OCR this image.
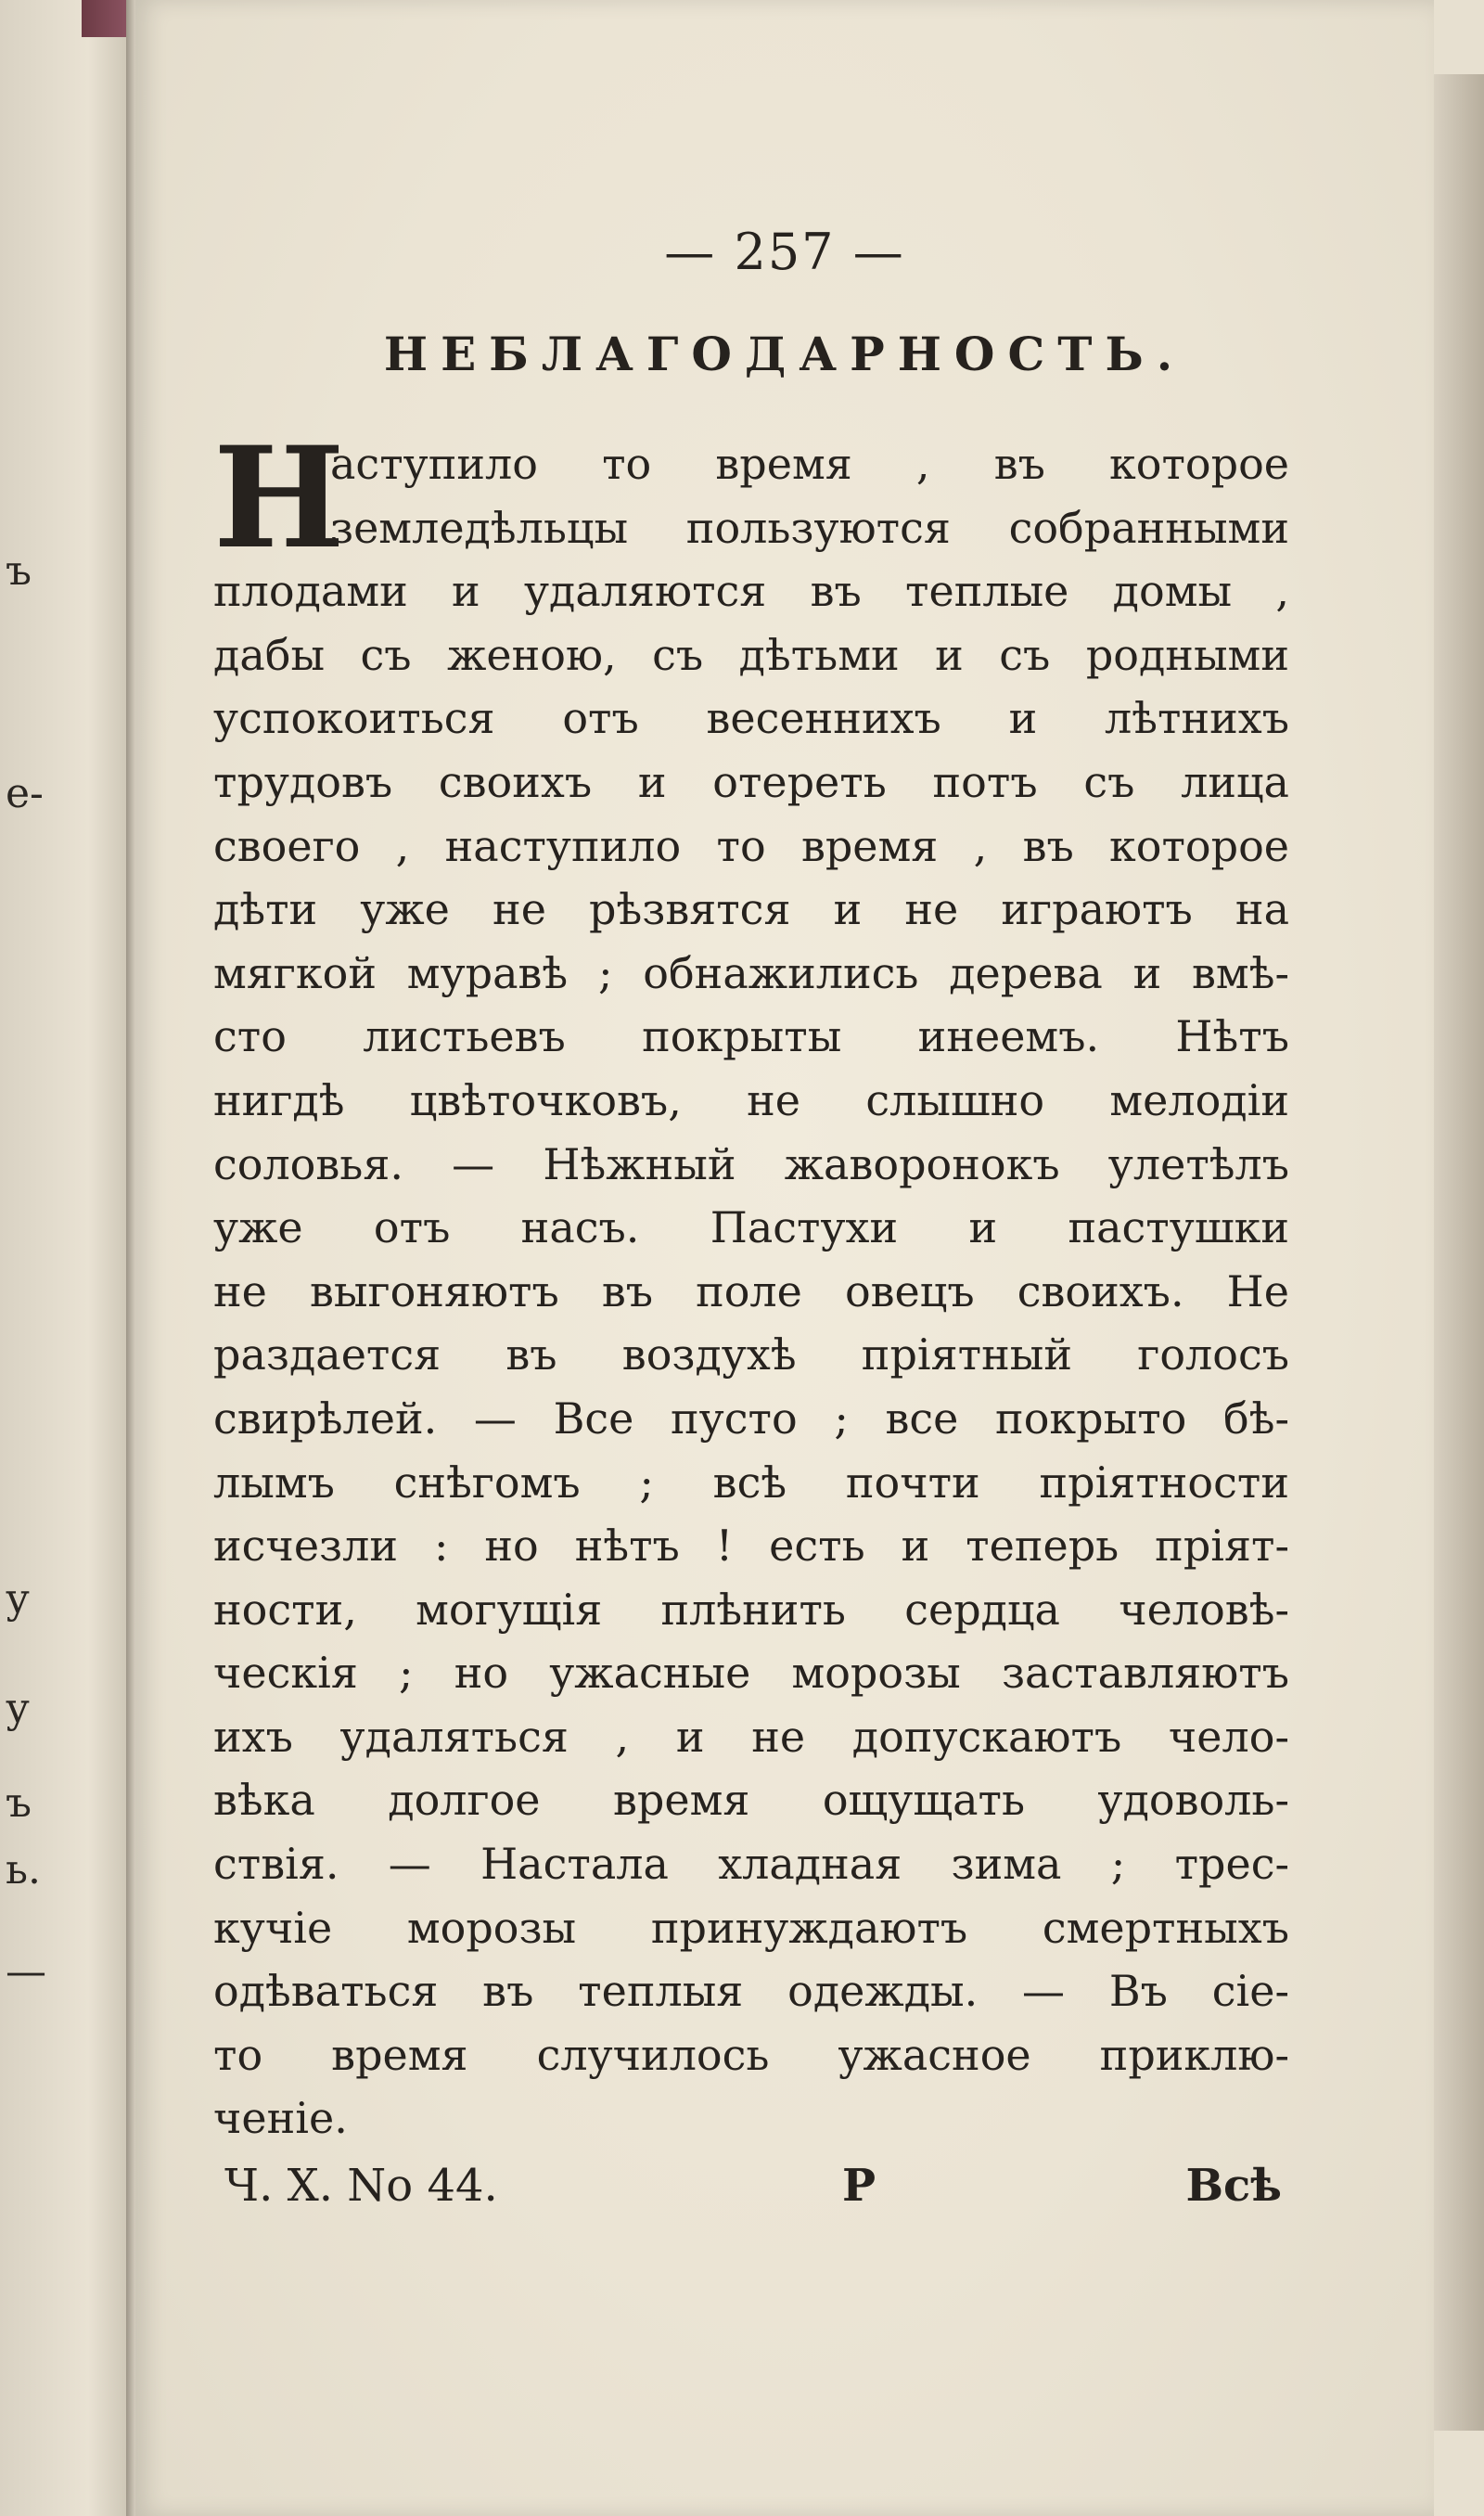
ъ
е-
у
у
ъ
ь.
—
— 257 —
НЕБЛАГОДАРНОСТЬ.
Н
аступило то время , въ которое
земледѣльцы пользуются собранными
плодами и удаляются въ теплые домы ,
дабы съ женою, съ дѣтьми и съ родными
успокоиться отъ весеннихъ и лѣтнихъ
трудовъ своихъ и отереть потъ съ лица
своего , наступило то время , въ которое
дѣти уже не рѣзвятся и не играютъ на
мягкой муравѣ ; обнажились дерева и вмѣ-
сто листьевъ покрыты инеемъ. Нѣтъ
нигдѣ цвѣточковъ, не слышно мелодiи
соловья. — Нѣжный жаворонокъ улетѣлъ
уже отъ насъ. Пастухи и пастушки
не выгоняютъ въ поле овецъ своихъ. Не
раздается въ воздухѣ прiятный голосъ
свирѣлей. — Все пусто ; все покрыто бѣ-
лымъ снѣгомъ ; всѣ почти прiятности
исчезли : но нѣтъ ! есть и теперь прiят-
ности, могущiя плѣнить сердца человѣ-
ческiя ; но ужасные морозы заставляютъ
ихъ удаляться , и не допускаютъ чело-
вѣка долгое время ощущать удоволь-
ствiя. — Настала хладная зима ; трес-
кучiе морозы принуждаютъ смертныхъ
одѣваться въ теплыя одежды. — Въ сiе-
то время случилось ужасное приклю-
ченiе.
Ч. X. No 44.	Р	Всѣ
